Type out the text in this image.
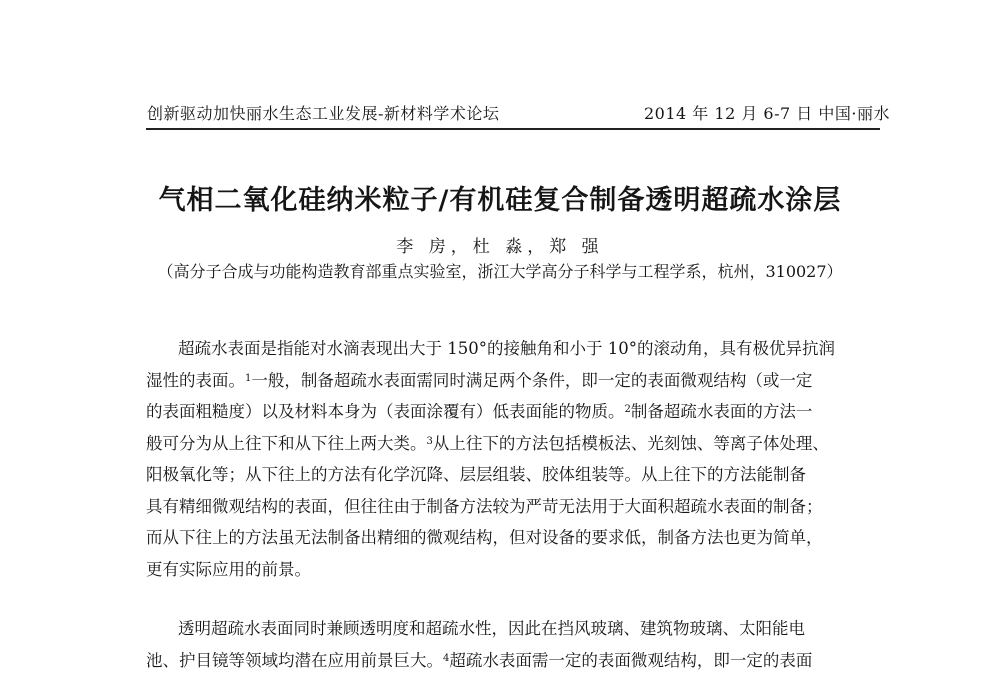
创新驱动加快丽水生态工业发展-新材料学术论坛	2014 年 12 月 6-7 日 中国·丽水
气相二氧化硅纳米粒子/有机硅复合制备透明超疏水涂层
李 房，杜 淼，郑 强
（高分子合成与功能构造教育部重点实验室，浙江大学高分子科学与工程学系，杭州，310027）

超疏水表面是指能对水滴表现出大于 150°的接触角和小于 10°的滚动角，具有极优异抗润
湿性的表面。$^1$一般，制备超疏水表面需同时满足两个条件，即一定的表面微观结构（或一定
的表面粗糙度）以及材料本身为（表面涂覆有）低表面能的物质。$^2$制备超疏水表面的方法一
般可分为从上往下和从下往上两大类。$^3$从上往下的方法包括模板法、光刻蚀、等离子体处理、
阳极氧化等；从下往上的方法有化学沉降、层层组装、胶体组装等。从上往下的方法能制备
具有精细微观结构的表面，但往往由于制备方法较为严苛无法用于大面积超疏水表面的制备；
而从下往上的方法虽无法制备出精细的微观结构，但对设备的要求低，制备方法也更为简单，
更有实际应用的前景。

透明超疏水表面同时兼顾透明度和超疏水性，因此在挡风玻璃、建筑物玻璃、太阳能电
池、护目镜等领域均潜在应用前景巨大。$^4$超疏水表面需一定的表面微观结构，即一定的表面
